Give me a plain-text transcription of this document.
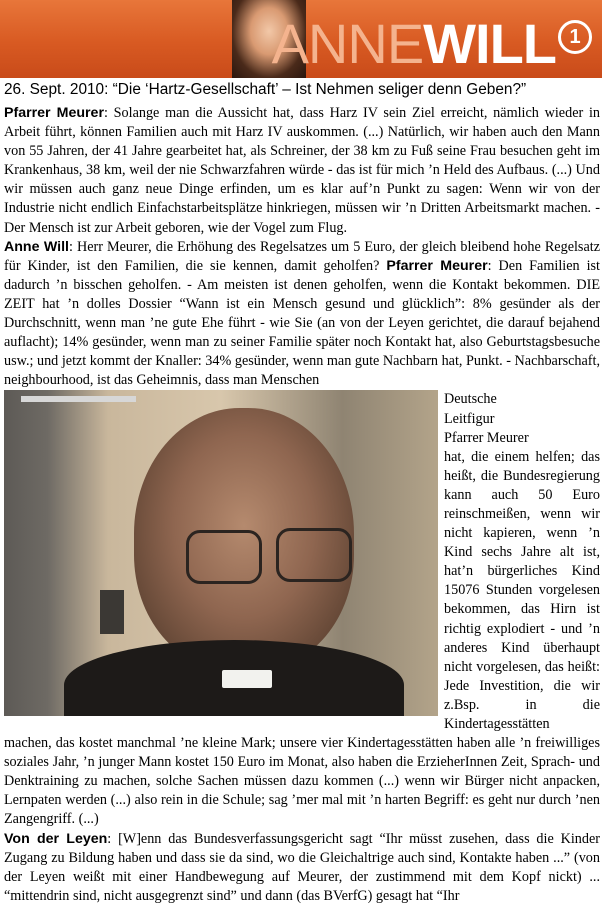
ANNEWILL 1
26. Sept. 2010: “Die ‘Hartz-Gesellschaft’ – Ist Nehmen seliger denn Geben?”

Pfarrer Meurer: Solange man die Aussicht hat, dass Harz IV sein Ziel erreicht, nämlich wieder in Arbeit führt, können Familien auch mit Harz IV auskommen. (...) Natürlich, wir haben auch den Mann von 55 Jahren, der 41 Jahre gearbeitet hat, als Schreiner, der 38 km zu Fuß seine Frau besuchen geht im Krankenhaus, 38 km, weil der nie Schwarzfahren würde - das ist für mich ’n Held des Aufbaus. (...) Und wir müssen auch ganz neue Dinge erfinden, um es klar auf’n Punkt zu sagen: Wenn wir von der Industrie nicht endlich Einfachstarbeitsplätze hinkriegen, müssen wir ’n Dritten Arbeitsmarkt machen. - Der Mensch ist zur Arbeit geboren, wie der Vogel zum Flug.

Anne Will: Herr Meurer, die Erhöhung des Regelsatzes um 5 Euro, der gleich bleibend hohe Regelsatz für Kinder, ist den Familien, die sie kennen, damit geholfen? Pfarrer Meurer: Den Familien ist dadurch ’n bisschen geholfen. - Am meisten ist denen geholfen, wenn die Kontakt bekommen. DIE ZEIT hat ’n dolles Dossier “Wann ist ein Mensch gesund und glücklich”: 8% gesünder als der Durchschnitt, wenn man ’ne gute Ehe führt - wie Sie (an von der Leyen gerichtet, die darauf bejahend auflacht); 14% gesünder, wenn man zu seiner Familie später noch Kontakt hat, also Geburtstagsbesuche usw.; und jetzt kommt der Knaller: 34% gesünder, wenn man gute Nachbarn hat, Punkt. - Nachbarschaft, neighbourhood, ist das Geheimnis, dass man Menschen

Deutsche
Leitfigur
Pfarrer Meurer
hat, die einem helfen; das heißt, die Bundesregierung kann auch 50 Euro reinschmeißen, wenn wir nicht kapieren, wenn ’n Kind sechs Jahre alt ist, hat’n bürgerliches Kind 15076 Stunden vorgelesen bekommen, das Hirn ist richtig explodiert - und ’n anderes Kind überhaupt nicht vorgelesen, das heißt: Jede Investition, die wir z.Bsp. in die Kindertagesstätten machen, das kostet manchmal ’ne kleine Mark; unsere vier Kindertagesstätten haben alle ’n freiwilliges soziales Jahr, ’n junger Mann kostet 150 Euro im Monat, also haben die ErzieherInnen Zeit, Sprach- und Denktraining zu machen, solche Sachen müssen dazu kommen (...) wenn wir Bürger nicht anpacken, Lernpaten werden (...) also rein in die Schule; sag ’mer mal mit ’n harten Begriff: es geht nur durch ’nen Zangengriff. (...)

Von der Leyen: [W]enn das Bundesverfassungsgericht sagt “Ihr müsst zusehen, dass die Kinder Zugang zu Bildung haben und dass sie da sind, wo die Gleichaltrige auch sind, Kontakte haben ...” (von der Leyen weißt mit einer Handbewegung auf Meurer, der zustimmend mit dem Kopf nickt) ... “mittendrin sind, nicht ausgegrenzt sind” und dann (das BVerfG) gesagt hat “Ihr
